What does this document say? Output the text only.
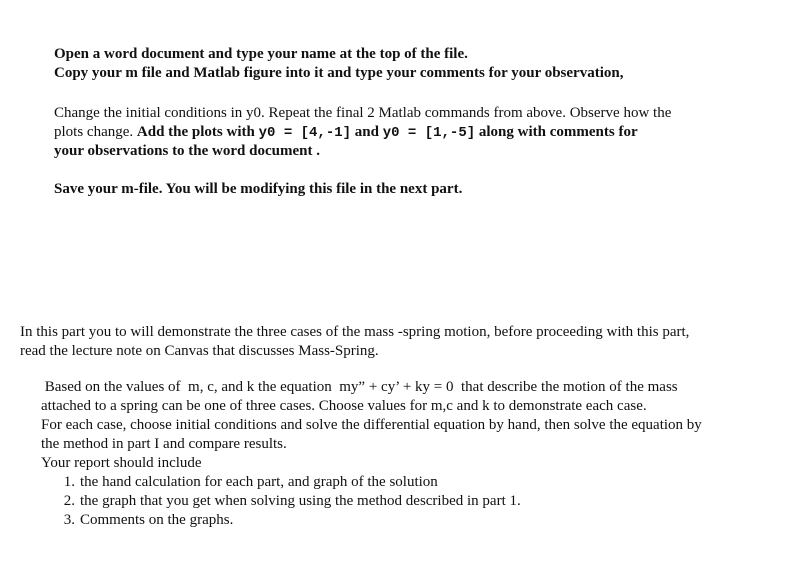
Open a word document and type your name at the top of the file.
Copy your m file and Matlab figure into it and type your comments for your observation,
Change the initial conditions in y0. Repeat the final 2 Matlab commands from above. Observe how the
plots change. Add the plots with y0 = [4,-1] and y0 = [1,-5] along with comments for
your observations to the word document .
Save your m-file. You will be modifying this file in the next part.
In this part you to will demonstrate the three cases of the mass -spring motion, before proceeding with this part,
read the lecture note on Canvas that discusses Mass-Spring.
Based on the values of  m, c, and k the equation  my” + cy’ + ky = 0  that describe the motion of the mass
attached to a spring can be one of three cases. Choose values for m,c and k to demonstrate each case.
For each case, choose initial conditions and solve the differential equation by hand, then solve the equation by
the method in part I and compare results.
Your report should include
1. the hand calculation for each part, and graph of the solution
2. the graph that you get when solving using the method described in part 1.
3. Comments on the graphs.
